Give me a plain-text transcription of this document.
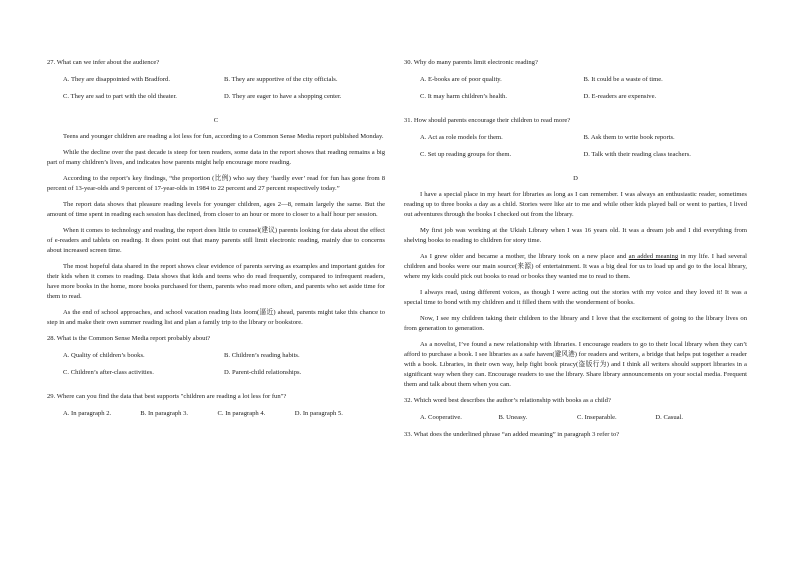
27. What can we infer about the audience?
A. They are disappointed with Bradford.	B. They are supportive of the city officials.
C. They are sad to part with the old theater.	D. They are eager to have a shopping center.
C

Teens and younger children are reading a lot less for fun, according to a Common Sense Media report published Monday.

While the decline over the past decade is steep for teen readers, some data in the report shows that reading remains a big part of many children’s lives, and indicates how parents might help encourage more reading.

According to the report’s key findings, “the proportion (比例) who say they ‘hardly ever’ read for fun has gone from 8 percent of 13-year-olds and 9 percent of 17-year-olds in 1984 to 22 percent and 27 percent respectively today.”

The report data shows that pleasure reading levels for younger children, ages 2—8, remain largely the same. But the amount of time spent in reading each session has declined, from closer to an hour or more to closer to a half hour per session.

When it comes to technology and reading, the report does little to counsel(建议) parents looking for data about the effect of e-readers and tablets on reading. It does point out that many parents still limit electronic reading, mainly due to concerns about increased screen time.

The most hopeful data shared in the report shows clear evidence of parents serving as examples and important guides for their kids when it comes to reading. Data shows that kids and teens who do read frequently, compared to infrequent readers, have more books in the home, more books purchased for them, parents who read more often, and parents who set aside time for them to read.

As the end of school approaches, and school vacation reading lists loom(逼近) ahead, parents might take this chance to step in and make their own summer reading list and plan a family trip to the library or bookstore.

28. What is the Common Sense Media report probably about?
A. Quality of children’s books.	B. Children’s reading habits.
C. Children’s after-class activities.	D. Parent-child relationships.
29. Where can you find the data that best supports "children are reading a lot less for fun"?
A. In paragraph 2.	B. In paragraph 3.	C. In paragraph 4.	D. In paragraph 5.
30. Why do many parents limit electronic reading?
A. E-books are of poor quality.	B. It could be a waste of time.
C. It may harm children’s health.	D. E-readers are expensive.
31. How should parents encourage their children to read more?
A. Act as role models for them.	B. Ask them to write book reports.
C. Set up reading groups for them.	D. Talk with their reading class teachers.
D

I have a special place in my heart for libraries as long as I can remember. I was always an enthusiastic reader, sometimes reading up to three books a day as a child. Stories were like air to me and while other kids played ball or went to parties, I lived out adventures through the books I checked out from the library.

My first job was working at the Ukiah Library when I was 16 years old. It was a dream job and I did everything from shelving books to reading to children for story time.

As I grew older and became a mother, the library took on a new place and an added meaning in my life. I had several children and books were our main source(来源) of entertainment. It was a big deal for us to load up and go to the local library, where my kids could pick out books to read or books they wanted me to read to them.

I always read, using different voices, as though I were acting out the stories with my voice and they loved it! It was a special time to bond with my children and it filled them with the wonderment of books.

Now, I see my children taking their children to the library and I love that the excitement of going to the library lives on from generation to generation.

As a novelist, I’ve found a new relationship with libraries. I encourage readers to go to their local library when they can’t afford to purchase a book. I see libraries as a safe haven(避风港) for readers and writers, a bridge that helps put together a reader with a book. Libraries, in their own way, help fight book piracy(盗版行为) and I think all writers should support libraries in a significant way when they can. Encourage readers to use the library. Share library announcements on your social media. Frequent them and talk about them when you can.

32. Which word best describes the author’s relationship with books as a child?
A. Cooperative.	B. Uneasy.	C. Inseparable.	D. Casual.
33. What does the underlined phrase “an added meaning” in paragraph 3 refer to?
